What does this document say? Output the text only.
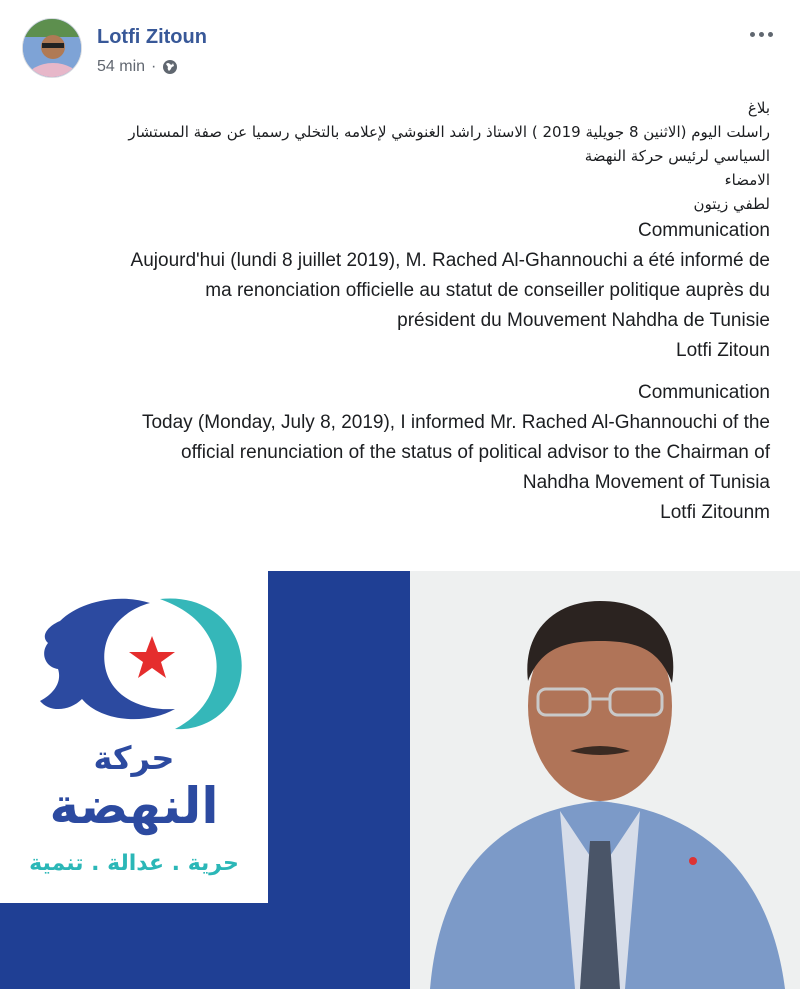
Lotfi Zitoun
54 min ·
بلاغ
راسلت اليوم (الاثنين 8 جويلية 2019 ) الاستاذ راشد الغنوشي لإعلامه بالتخلي رسميا عن صفة المستشار
السياسي لرئيس حركة النهضة
الامضاء
لطفي زيتون
Communication
Aujourd'hui (lundi 8 juillet 2019), M. Rached Al-Ghannouchi a été informé de
ma renonciation officielle au statut de conseiller politique auprès du
président du Mouvement Nahdha de Tunisie
Lotfi Zitoun
Communication
Today (Monday, July 8, 2019), I informed Mr. Rached Al-Ghannouchi of the
official renunciation of the status of political advisor to the Chairman of
Nahdha Movement of Tunisia
Lotfi Zitounm
حركة
النهضة
حرية . عدالة . تنمية
